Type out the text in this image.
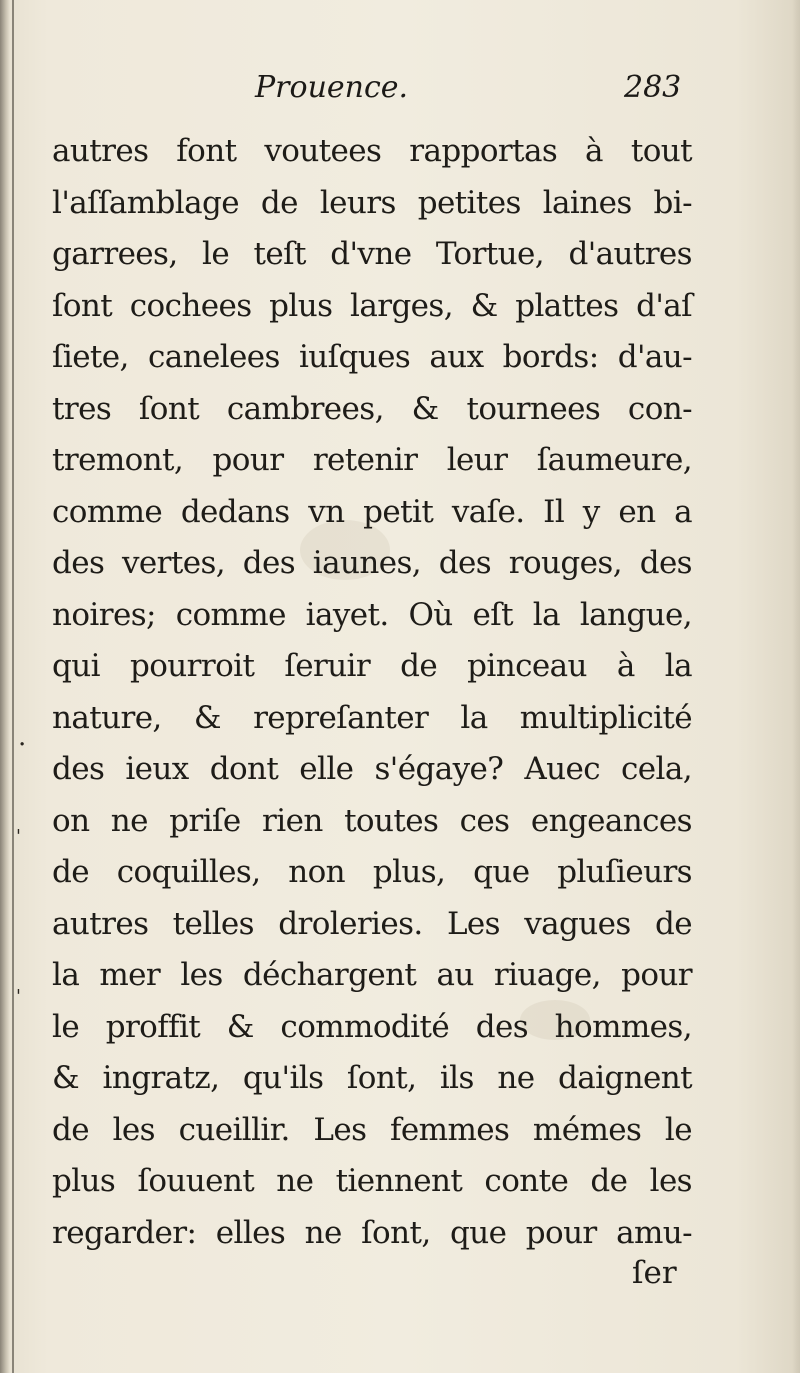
Prouence.	283
autres font voutees rapportas à tout
l'aſſamblage de leurs petites laines bi-
garrees, le teſt d'vne Tortue, d'autres
ſont cochees plus larges, & plattes d'aſ
ſiete, canelees iuſques aux bords: d'au-
tres ſont cambrees, & tournees con-
tremont, pour retenir leur ſaumeure,
comme dedans vn petit vaſe. Il y en a
des vertes, des iaunes, des rouges, des
noires; comme iayet. Où eſt la langue,
qui pourroit ſeruir de pinceau à la
nature, & repreſanter la multiplicité
des ieux dont elle s'égaye? Auec cela,
on ne priſe rien toutes ces engeances
de coquilles, non plus, que pluſieurs
autres telles droleries. Les vagues de
la mer les déchargent au riuage, pour
le proffit & commodité des hommes,
& ingratz, qu'ils ſont, ils ne daignent
de les cueillir. Les femmes mémes le
plus ſouuent ne tiennent conte de les
regarder: elles ne ſont, que pour amu-
.
'
'
ſer
